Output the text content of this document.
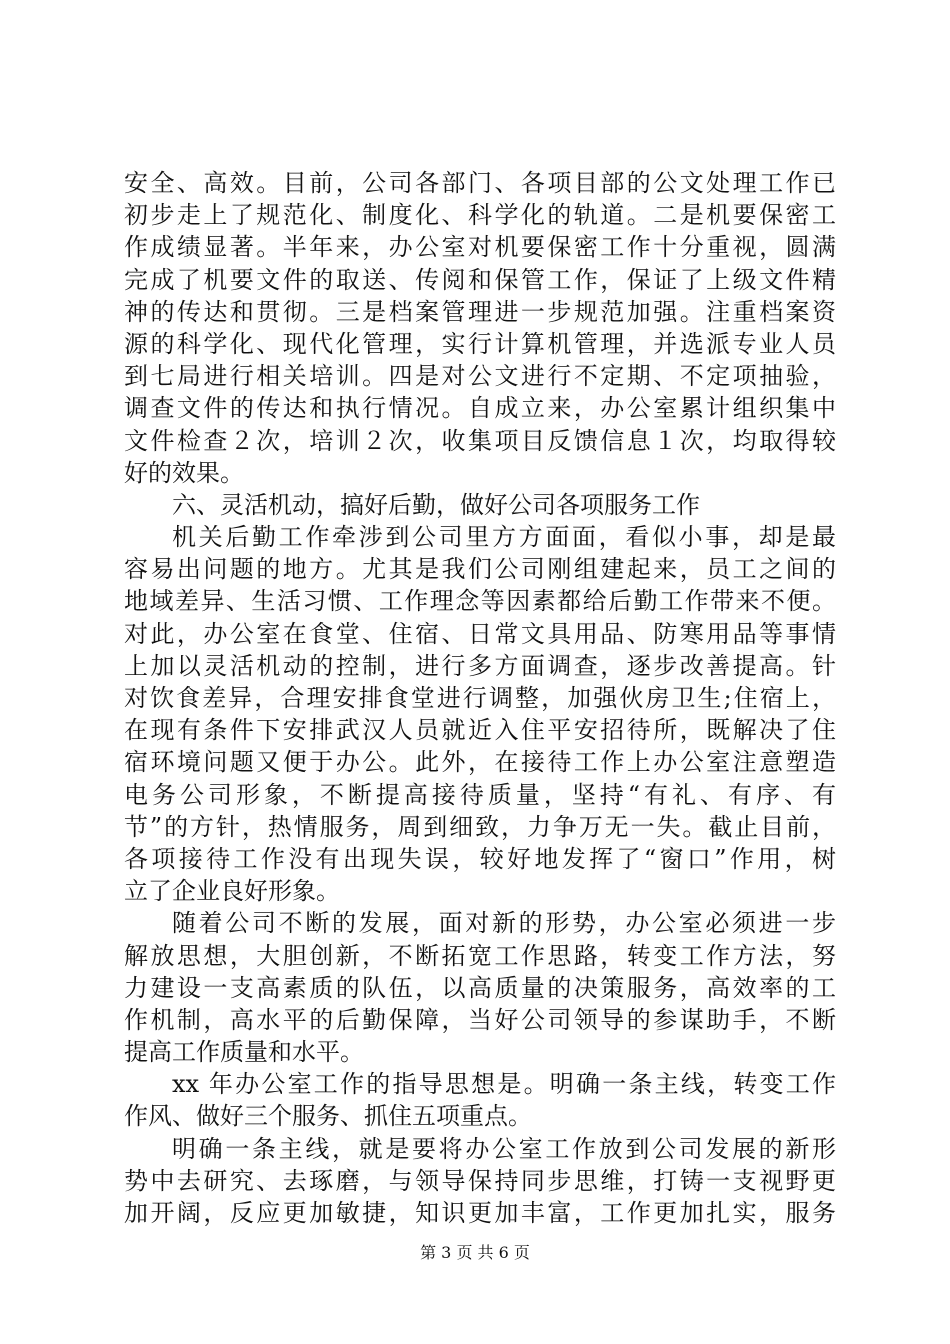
安全、高效。目前，公司各部门、各项目部的公文处理工作已
初步走上了规范化、制度化、科学化的轨道。二是机要保密工
作成绩显著。半年来，办公室对机要保密工作十分重视，圆满
完成了机要文件的取送、传阅和保管工作，保证了上级文件精
神的传达和贯彻。三是档案管理进一步规范加强。注重档案资
源的科学化、现代化管理，实行计算机管理，并选派专业人员
到七局进行相关培训。四是对公文进行不定期、不定项抽验，
调查文件的传达和执行情况。自成立来，办公室累计组织集中
文件检查２次，培训２次，收集项目反馈信息１次，均取得较
好的效果。
六、灵活机动，搞好后勤，做好公司各项服务工作
机关后勤工作牵涉到公司里方方面面，看似小事，却是最
容易出问题的地方。尤其是我们公司刚组建起来，员工之间的
地域差异、生活习惯、工作理念等因素都给后勤工作带来不便。
对此，办公室在食堂、住宿、日常文具用品、防寒用品等事情
上加以灵活机动的控制，进行多方面调查，逐步改善提高。针
对饮食差异，合理安排食堂进行调整，加强伙房卫生;住宿上，
在现有条件下安排武汉人员就近入住平安招待所，既解决了住
宿环境问题又便于办公。此外，在接待工作上办公室注意塑造
电务公司形象，不断提高接待质量，坚持“有礼、有序、有
节”的方针，热情服务，周到细致，力争万无一失。截止目前，
各项接待工作没有出现失误，较好地发挥了“窗口”作用，树
立了企业良好形象。
随着公司不断的发展，面对新的形势，办公室必须进一步
解放思想，大胆创新，不断拓宽工作思路，转变工作方法，努
力建设一支高素质的队伍，以高质量的决策服务，高效率的工
作机制，高水平的后勤保障，当好公司领导的参谋助手，不断
提高工作质量和水平。
xx 年办公室工作的指导思想是。明确一条主线，转变工作
作风、做好三个服务、抓住五项重点。
明确一条主线，就是要将办公室工作放到公司发展的新形
势中去研究、去琢磨，与领导保持同步思维，打铸一支视野更
加开阔，反应更加敏捷，知识更加丰富，工作更加扎实，服务
第 3 页 共 6 页
